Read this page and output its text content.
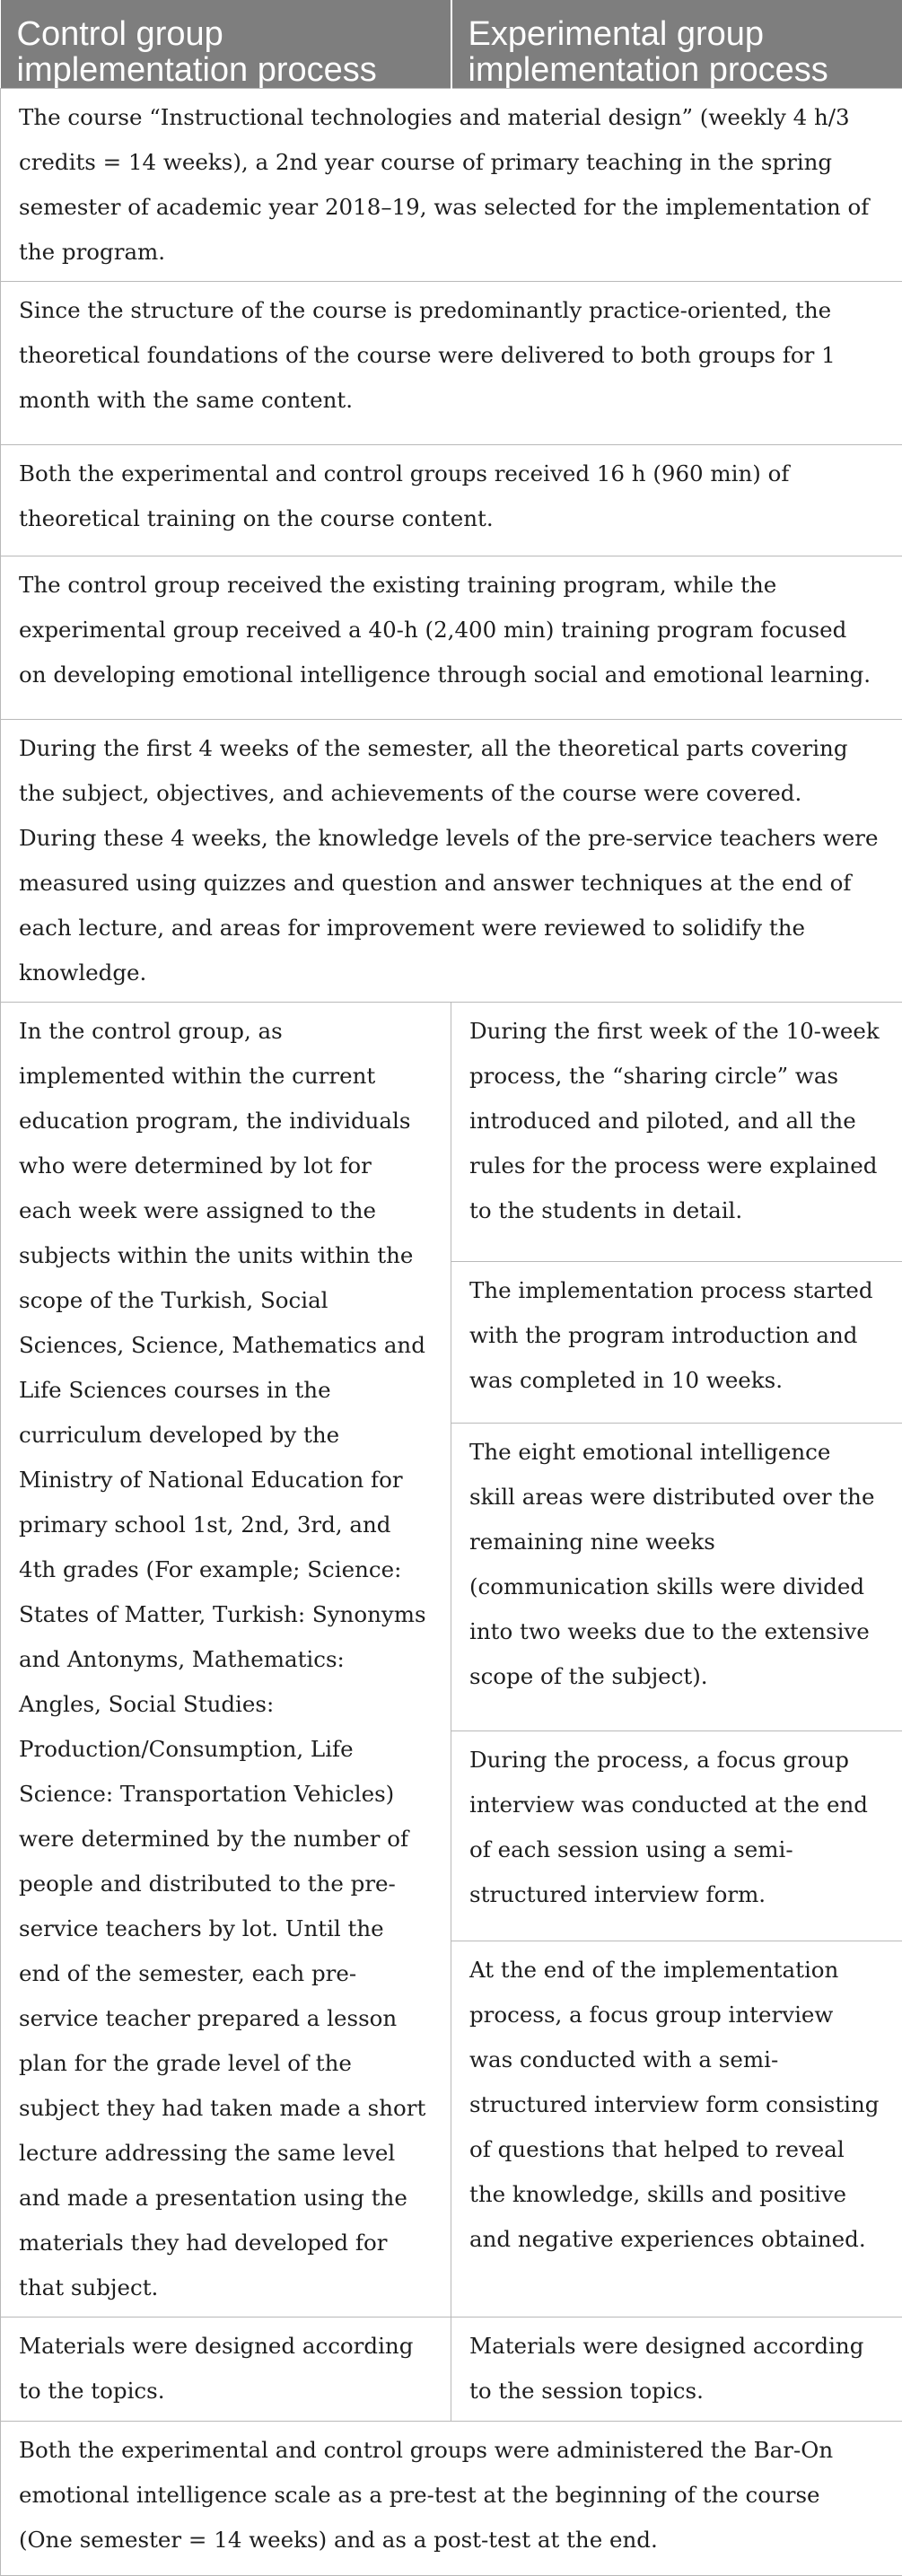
Control group implementation process	Experimental group implementation process
The course “Instructional technologies and material design” (weekly 4 h/3 credits = 14 weeks), a 2nd year course of primary teaching in the spring semester of academic year 2018–19, was selected for the implementation of the program.	
Since the structure of the course is predominantly practice-oriented, the theoretical foundations of the course were delivered to both groups for 1 month with the same content.	
Both the experimental and control groups received 16 h (960 min) of theoretical training on the course content.	
The control group received the existing training program, while the experimental group received a 40-h (2,400 min) training program focused on developing emotional intelligence through social and emotional learning.	
During the first 4 weeks of the semester, all the theoretical parts covering the subject, objectives, and achievements of the course were covered. During these 4 weeks, the knowledge levels of the pre-service teachers were measured using quizzes and question and answer techniques at the end of each lecture, and areas for improvement were reviewed to solidify the knowledge.	
In the control group, as implemented within the current education program, the individuals who were determined by lot for each week were assigned to the subjects within the units within the scope of the Turkish, Social Sciences, Science, Mathematics and Life Sciences courses in the curriculum developed by the Ministry of National Education for primary school 1st, 2nd, 3rd, and 4th grades (For example; Science: States of Matter, Turkish: Synonyms and Antonyms, Mathematics: Angles, Social Studies: Production/Consumption, Life Science: Transportation Vehicles) were determined by the number of people and distributed to the pre-service teachers by lot. Until the end of the semester, each pre-service teacher prepared a lesson plan for the grade level of the subject they had taken made a short lecture addressing the same level and made a presentation using the materials they had developed for that subject.	During the first week of the 10-week process, the “sharing circle” was introduced and piloted, and all the rules for the process were explained to the students in detail.
	The implementation process started with the program introduction and was completed in 10 weeks.
	The eight emotional intelligence skill areas were distributed over the remaining nine weeks (communication skills were divided into two weeks due to the extensive scope of the subject).
	During the process, a focus group interview was conducted at the end of each session using a semi-structured interview form.
	At the end of the implementation process, a focus group interview was conducted with a semi-structured interview form consisting of questions that helped to reveal the knowledge, skills and positive and negative experiences obtained.
Materials were designed according to the topics.	Materials were designed according to the session topics.
Both the experimental and control groups were administered the Bar-On emotional intelligence scale as a pre-test at the beginning of the course (One semester = 14 weeks) and as a post-test at the end.	
